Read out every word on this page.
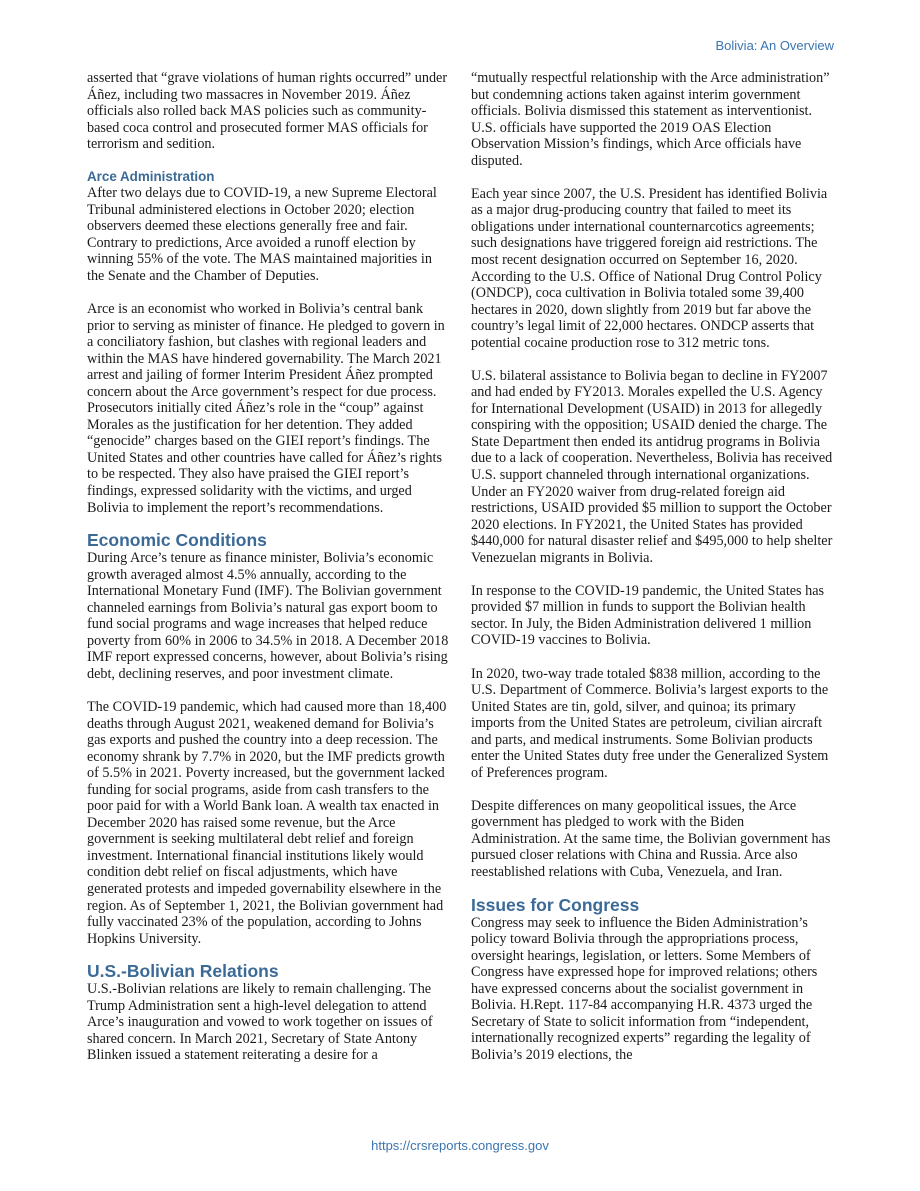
Bolivia: An Overview

asserted that “grave violations of human rights occurred” under Áñez, including two massacres in November 2019. Áñez officials also rolled back MAS policies such as community-based coca control and prosecuted former MAS officials for terrorism and sedition.

Arce Administration

After two delays due to COVID-19, a new Supreme Electoral Tribunal administered elections in October 2020; election observers deemed these elections generally free and fair. Contrary to predictions, Arce avoided a runoff election by winning 55% of the vote. The MAS maintained majorities in the Senate and the Chamber of Deputies.

Arce is an economist who worked in Bolivia’s central bank prior to serving as minister of finance. He pledged to govern in a conciliatory fashion, but clashes with regional leaders and within the MAS have hindered governability. The March 2021 arrest and jailing of former Interim President Áñez prompted concern about the Arce government’s respect for due process. Prosecutors initially cited Áñez’s role in the “coup” against Morales as the justification for her detention. They added “genocide” charges based on the GIEI report’s findings. The United States and other countries have called for Áñez’s rights to be respected. They also have praised the GIEI report’s findings, expressed solidarity with the victims, and urged Bolivia to implement the report’s recommendations.

Economic Conditions

During Arce’s tenure as finance minister, Bolivia’s economic growth averaged almost 4.5% annually, according to the International Monetary Fund (IMF). The Bolivian government channeled earnings from Bolivia’s natural gas export boom to fund social programs and wage increases that helped reduce poverty from 60% in 2006 to 34.5% in 2018. A December 2018 IMF report expressed concerns, however, about Bolivia’s rising debt, declining reserves, and poor investment climate.

The COVID-19 pandemic, which had caused more than 18,400 deaths through August 2021, weakened demand for Bolivia’s gas exports and pushed the country into a deep recession. The economy shrank by 7.7% in 2020, but the IMF predicts growth of 5.5% in 2021. Poverty increased, but the government lacked funding for social programs, aside from cash transfers to the poor paid for with a World Bank loan. A wealth tax enacted in December 2020 has raised some revenue, but the Arce government is seeking multilateral debt relief and foreign investment. International financial institutions likely would condition debt relief on fiscal adjustments, which have generated protests and impeded governability elsewhere in the region. As of September 1, 2021, the Bolivian government had fully vaccinated 23% of the population, according to Johns Hopkins University.

U.S.-Bolivian Relations

U.S.-Bolivian relations are likely to remain challenging. The Trump Administration sent a high-level delegation to attend Arce’s inauguration and vowed to work together on issues of shared concern. In March 2021, Secretary of State Antony Blinken issued a statement reiterating a desire for a

“mutually respectful relationship with the Arce administration” but condemning actions taken against interim government officials. Bolivia dismissed this statement as interventionist. U.S. officials have supported the 2019 OAS Election Observation Mission’s findings, which Arce officials have disputed.

Each year since 2007, the U.S. President has identified Bolivia as a major drug-producing country that failed to meet its obligations under international counternarcotics agreements; such designations have triggered foreign aid restrictions. The most recent designation occurred on September 16, 2020. According to the U.S. Office of National Drug Control Policy (ONDCP), coca cultivation in Bolivia totaled some 39,400 hectares in 2020, down slightly from 2019 but far above the country’s legal limit of 22,000 hectares. ONDCP asserts that potential cocaine production rose to 312 metric tons.

U.S. bilateral assistance to Bolivia began to decline in FY2007 and had ended by FY2013. Morales expelled the U.S. Agency for International Development (USAID) in 2013 for allegedly conspiring with the opposition; USAID denied the charge. The State Department then ended its antidrug programs in Bolivia due to a lack of cooperation. Nevertheless, Bolivia has received U.S. support channeled through international organizations. Under an FY2020 waiver from drug-related foreign aid restrictions, USAID provided $5 million to support the October 2020 elections. In FY2021, the United States has provided $440,000 for natural disaster relief and $495,000 to help shelter Venezuelan migrants in Bolivia.

In response to the COVID-19 pandemic, the United States has provided $7 million in funds to support the Bolivian health sector. In July, the Biden Administration delivered 1 million COVID-19 vaccines to Bolivia.

In 2020, two-way trade totaled $838 million, according to the U.S. Department of Commerce. Bolivia’s largest exports to the United States are tin, gold, silver, and quinoa; its primary imports from the United States are petroleum, civilian aircraft and parts, and medical instruments. Some Bolivian products enter the United States duty free under the Generalized System of Preferences program.

Despite differences on many geopolitical issues, the Arce government has pledged to work with the Biden Administration. At the same time, the Bolivian government has pursued closer relations with China and Russia. Arce also reestablished relations with Cuba, Venezuela, and Iran.

Issues for Congress

Congress may seek to influence the Biden Administration’s policy toward Bolivia through the appropriations process, oversight hearings, legislation, or letters. Some Members of Congress have expressed hope for improved relations; others have expressed concerns about the socialist government in Bolivia. H.Rept. 117-84 accompanying H.R. 4373 urged the Secretary of State to solicit information from “independent, internationally recognized experts” regarding the legality of Bolivia’s 2019 elections, the

https://crsreports.congress.gov
